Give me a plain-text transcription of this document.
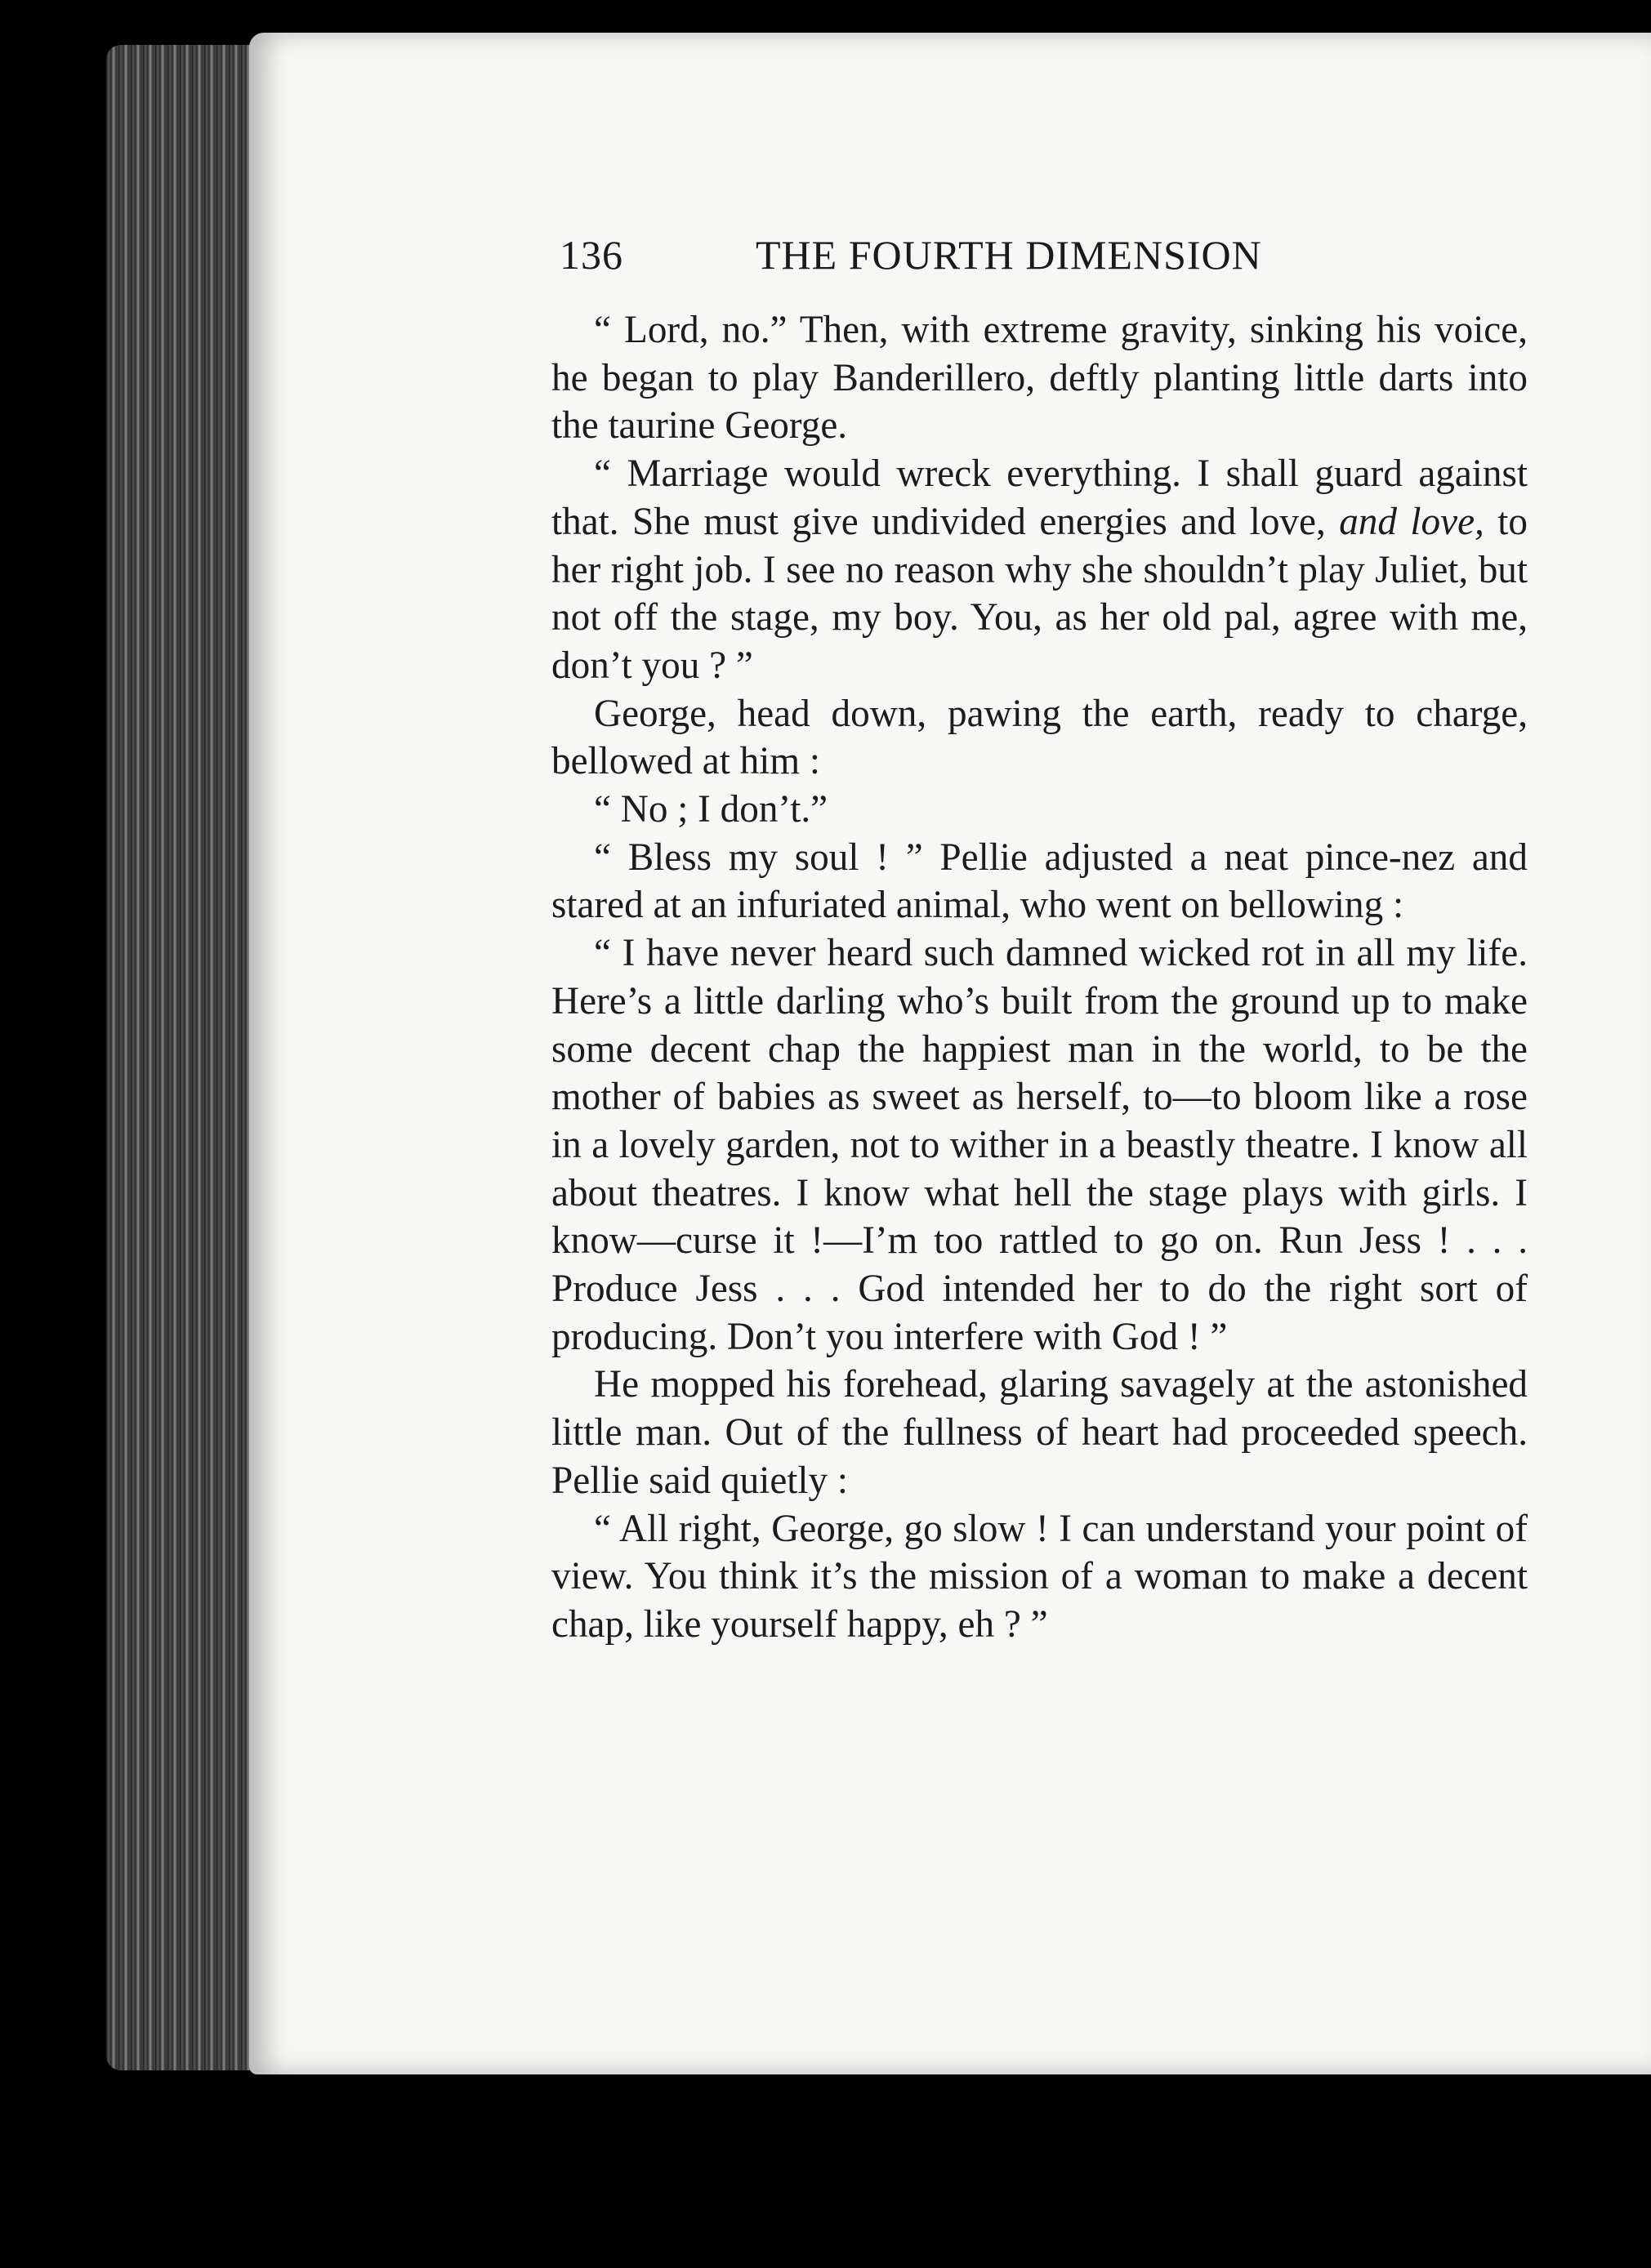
136	THE FOURTH DIMENSION

“ Lord, no.” Then, with extreme gravity, sinking his voice, he began to play Banderillero, deftly planting little darts into the taurine George.

“ Marriage would wreck everything. I shall guard against that. She must give undivided energies and love, and love, to her right job. I see no reason why she shouldn’t play Juliet, but not off the stage, my boy. You, as her old pal, agree with me, don’t you ? ”

George, head down, pawing the earth, ready to charge, bellowed at him :

“ No ; I don’t.”

“ Bless my soul ! ” Pellie adjusted a neat pince-nez and stared at an infuriated animal, who went on bellowing :

“ I have never heard such damned wicked rot in all my life. Here’s a little darling who’s built from the ground up to make some decent chap the happiest man in the world, to be the mother of babies as sweet as herself, to—to bloom like a rose in a lovely garden, not to wither in a beastly theatre. I know all about theatres. I know what hell the stage plays with girls. I know—curse it !—I’m too rattled to go on. Run Jess ! . . . Produce Jess . . . God intended her to do the right sort of producing. Don’t you interfere with God ! ”

He mopped his forehead, glaring savagely at the astonished little man. Out of the fullness of heart had proceeded speech. Pellie said quietly :

“ All right, George, go slow ! I can understand your point of view. You think it’s the mission of a woman to make a decent chap, like yourself happy, eh ? ”
